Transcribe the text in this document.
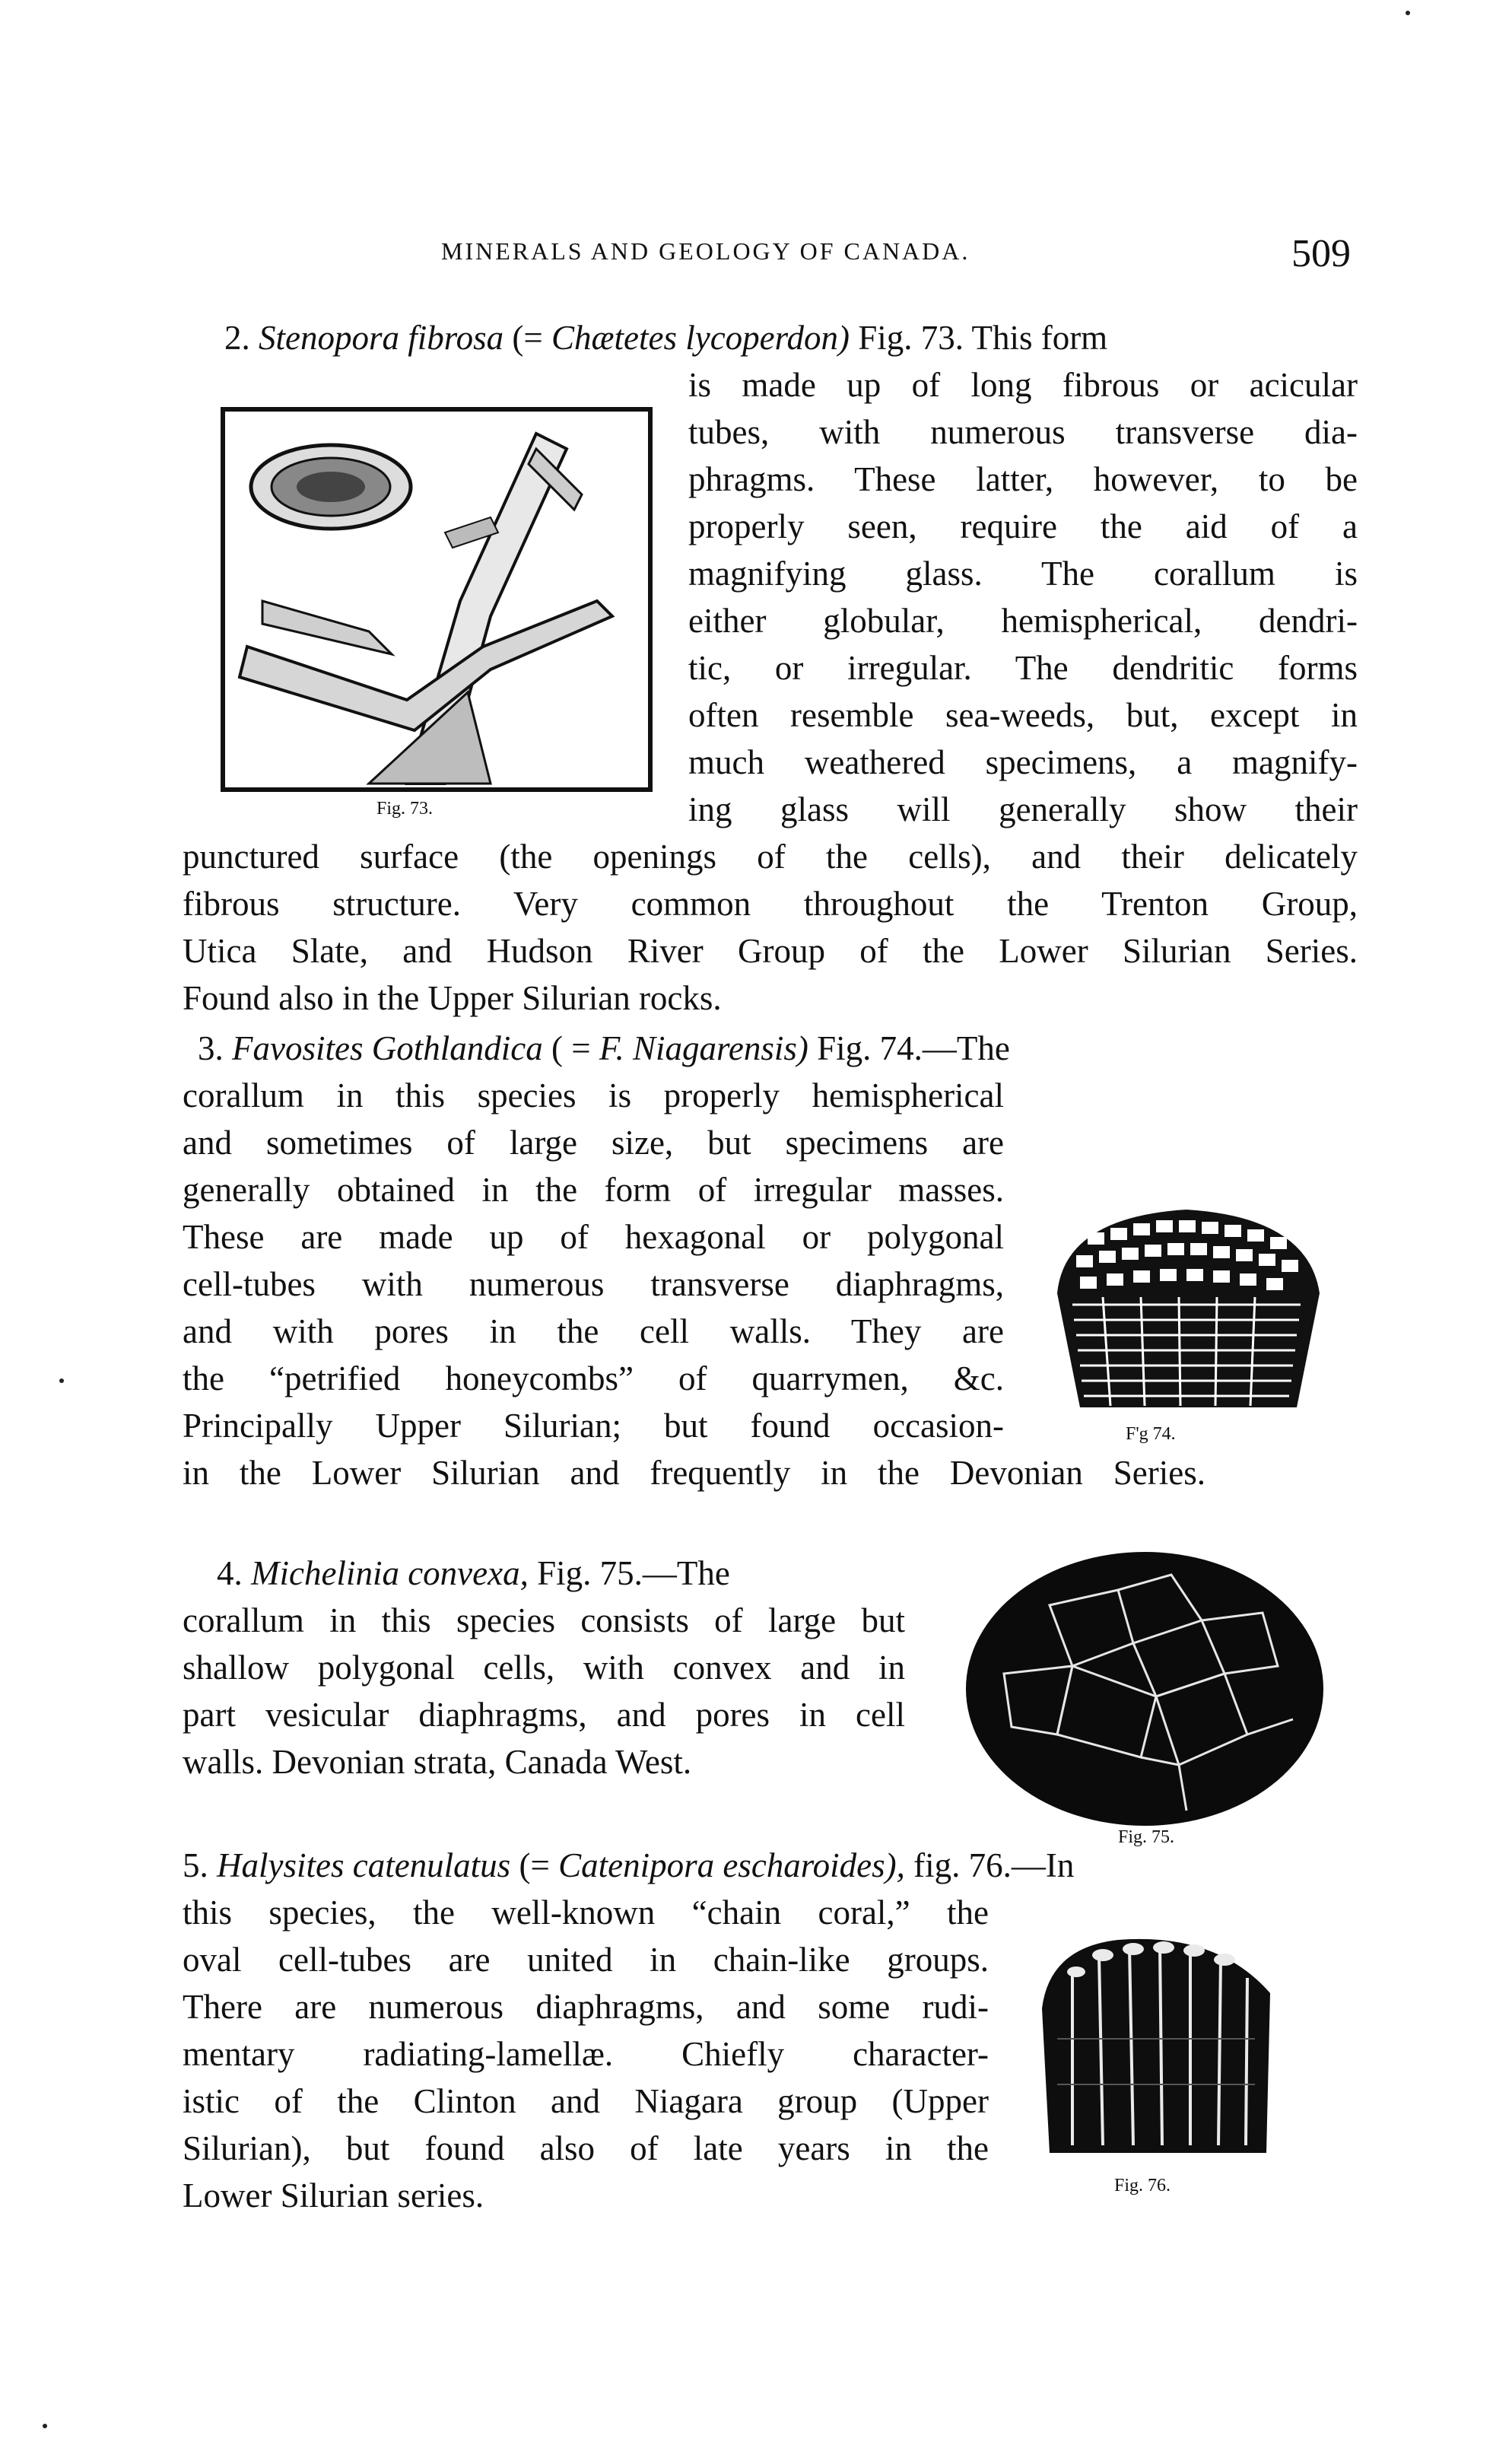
MINERALS AND GEOLOGY OF CANADA.	509
2. Stenopora fibrosa (= Chætetes lycoperdon) Fig. 73. This form
is made up of long fibrous or acicular
tubes, with numerous transverse dia-
phragms. These latter, however, to be
properly seen, require the aid of a
magnifying glass. The corallum is
either globular, hemispherical, dendri-
tic, or irregular. The dendritic forms
often resemble sea-weeds, but, except in
much weathered specimens, a magnify-
ing glass will generally show their
punctured surface (the openings of the cells), and their delicately
fibrous structure. Very common throughout the Trenton Group,
Utica Slate, and Hudson River Group of the Lower Silurian Series.
Found also in the Upper Silurian rocks.
Fig. 73.
3. Favosites Gothlandica ( = F. Niagarensis) Fig. 74.—The
corallum in this species is properly hemispherical
and sometimes of large size, but specimens are
generally obtained in the form of irregular masses.
These are made up of hexagonal or polygonal
cell-tubes with numerous transverse diaphragms,
and with pores in the cell walls. They are
the “petrified honeycombs” of quarrymen, &c.
Principally Upper Silurian; but found occasion-
in the Lower Silurian and frequently in the Devonian Series.
F'g 74.
4. Michelinia convexa, Fig. 75.—The
corallum in this species consists of large but
shallow polygonal cells, with convex and in
part vesicular diaphragms, and pores in cell
walls. Devonian strata, Canada West.
Fig. 75.
5. Halysites catenulatus (= Catenipora escharoides), fig. 76.—In
this species, the well-known “chain coral,” the
oval cell-tubes are united in chain-like groups.
There are numerous diaphragms, and some rudi-
mentary radiating-lamellæ. Chiefly character-
istic of the Clinton and Niagara group (Upper
Silurian), but found also of late years in the
Lower Silurian series.	Fig. 76.
